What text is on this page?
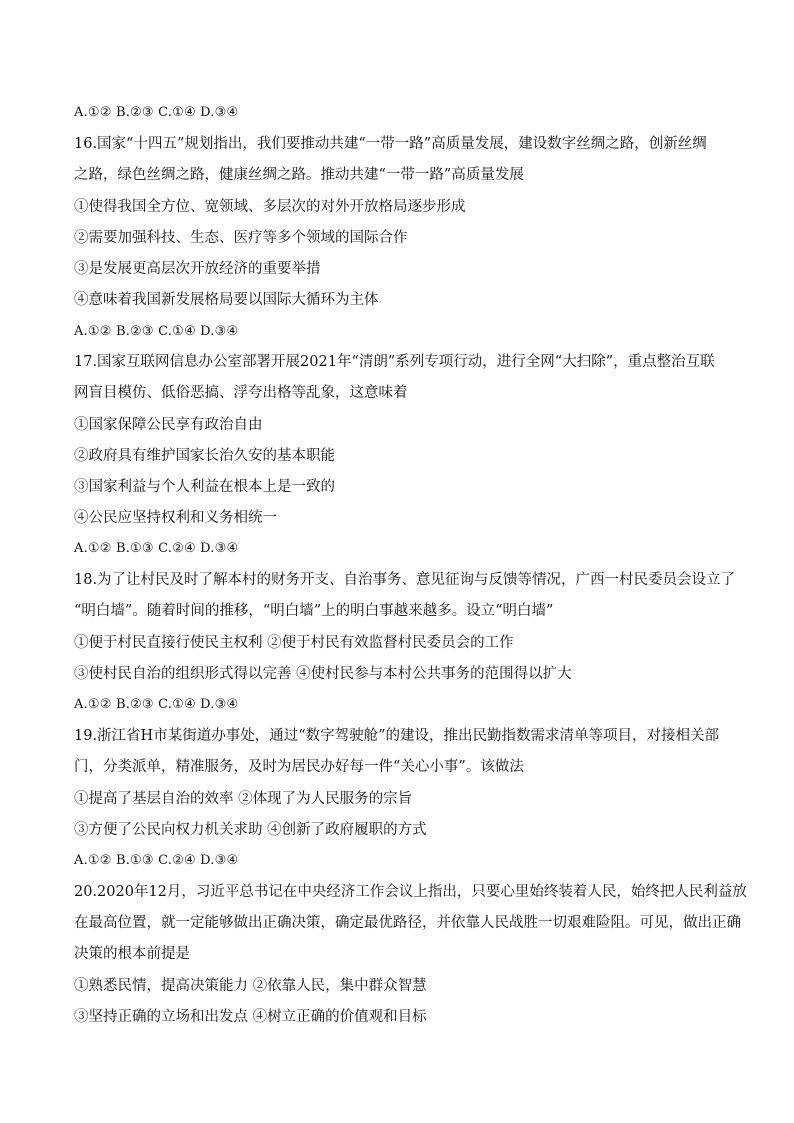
A.①② B.②③ C.①④ D.③④
16.国家“十四五”规划指出，我们要推动共建“一带一路”高质量发展，建设数字丝绸之路，创新丝绸
之路，绿色丝绸之路，健康丝绸之路。推动共建“一带一路”高质量发展
①使得我国全方位、宽领域、多层次的对外开放格局逐步形成
②需要加强科技、生态、医疗等多个领域的国际合作
③是发展更高层次开放经济的重要举措
④意味着我国新发展格局要以国际大循环为主体
A.①② B.②③ C.①④ D.③④
17.国家互联网信息办公室部署开展2021年“清朗”系列专项行动，进行全网“大扫除”，重点整治互联
网盲目模仿、低俗恶搞、浮夸出格等乱象，这意味着
①国家保障公民享有政治自由
②政府具有维护国家长治久安的基本职能
③国家利益与个人利益在根本上是一致的
④公民应坚持权利和义务相统一
A.①② B.①③ C.②④ D.③④
18.为了让村民及时了解本村的财务开支、自治事务、意见征询与反馈等情况，广西一村民委员会设立了
“明白墙”。随着时间的推移，“明白墙”上的明白事越来越多。设立“明白墙”
①便于村民直接行使民主权利 ②便于村民有效监督村民委员会的工作
③使村民自治的组织形式得以完善 ④使村民参与本村公共事务的范围得以扩大
A.①② B.②③ C.①④ D.③④
19.浙江省H市某街道办事处，通过“数字驾驶舱”的建设，推出民勤指数需求清单等项目，对接相关部
门，分类派单，精准服务，及时为居民办好每一件“关心小事”。该做法
①提高了基层自治的效率 ②体现了为人民服务的宗旨
③方便了公民向权力机关求助 ④创新了政府履职的方式
A.①② B.①③ C.②④ D.③④
20.2020年12月，习近平总书记在中央经济工作会议上指出，只要心里始终装着人民，始终把人民利益放
在最高位置，就一定能够做出正确决策，确定最优路径，并依靠人民战胜一切艰难险阻。可见，做出正确
决策的根本前提是
①熟悉民情，提高决策能力 ②依靠人民，集中群众智慧
③坚持正确的立场和出发点 ④树立正确的价值观和目标
